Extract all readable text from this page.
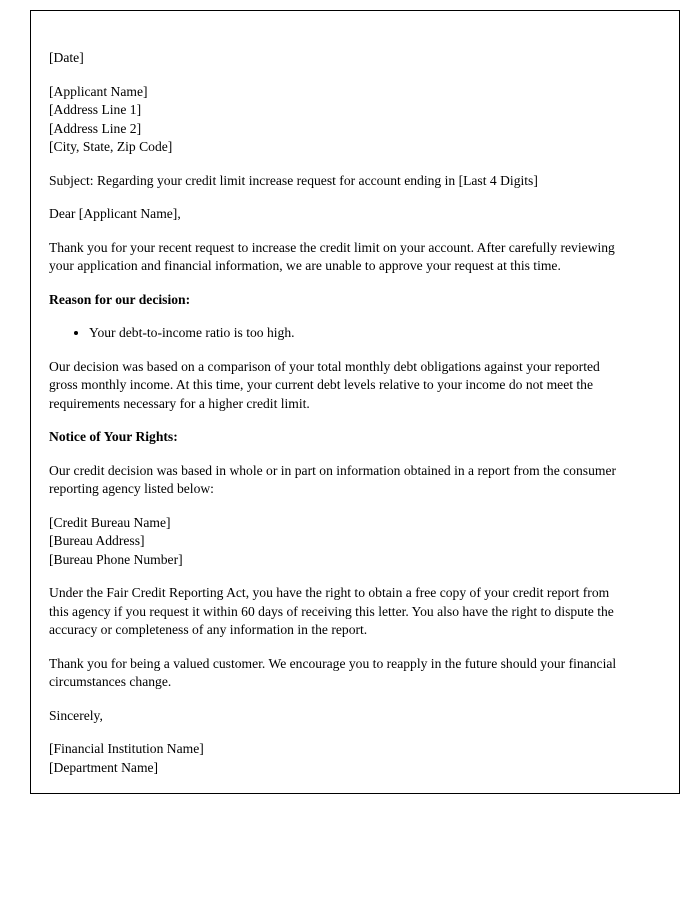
[Date]
[Applicant Name]
[Address Line 1]
[Address Line 2]
[City, State, Zip Code]
Subject: Regarding your credit limit increase request for account ending in [Last 4 Digits]
Dear [Applicant Name],
Thank you for your recent request to increase the credit limit on your account. After carefully reviewing your application and financial information, we are unable to approve your request at this time.
Reason for our decision:
• Your debt-to-income ratio is too high.
Our decision was based on a comparison of your total monthly debt obligations against your reported gross monthly income. At this time, your current debt levels relative to your income do not meet the requirements necessary for a higher credit limit.
Notice of Your Rights:
Our credit decision was based in whole or in part on information obtained in a report from the consumer reporting agency listed below:
[Credit Bureau Name]
[Bureau Address]
[Bureau Phone Number]
Under the Fair Credit Reporting Act, you have the right to obtain a free copy of your credit report from this agency if you request it within 60 days of receiving this letter. You also have the right to dispute the accuracy or completeness of any information in the report.
Thank you for being a valued customer. We encourage you to reapply in the future should your financial circumstances change.
Sincerely,
[Financial Institution Name]
[Department Name]
